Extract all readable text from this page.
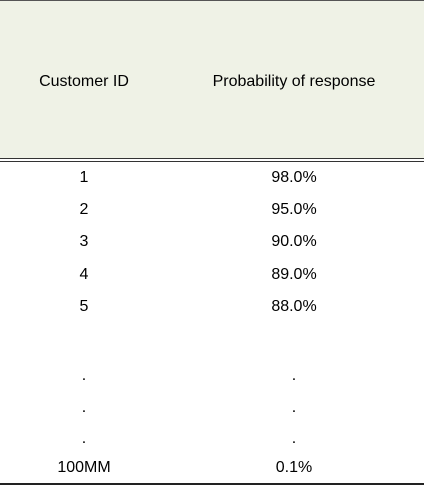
Customer ID	Probability of response
1	98.0%
2	95.0%
3	90.0%
4	89.0%
5	88.0%
.	.
.	.
.	.
100MM	0.1%
